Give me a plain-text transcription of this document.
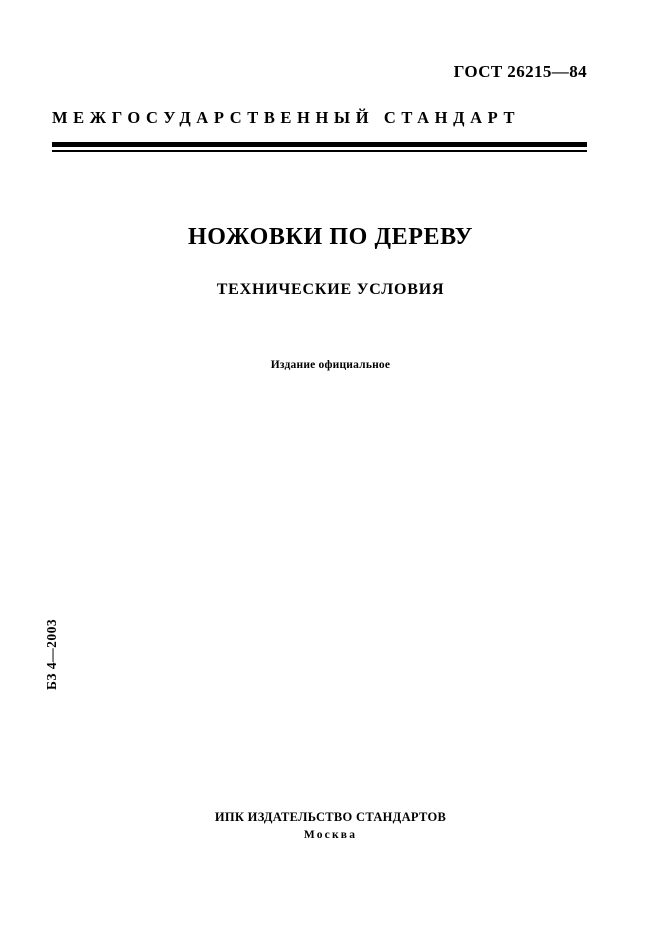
ГОСТ 26215—84
МЕЖГОСУДАРСТВЕННЫЙ СТАНДАРТ
НОЖОВКИ ПО ДЕРЕВУ
ТЕХНИЧЕСКИЕ УСЛОВИЯ
Издание официальное
БЗ 4—2003
ИПК ИЗДАТЕЛЬСТВО СТАНДАРТОВ
Москва
